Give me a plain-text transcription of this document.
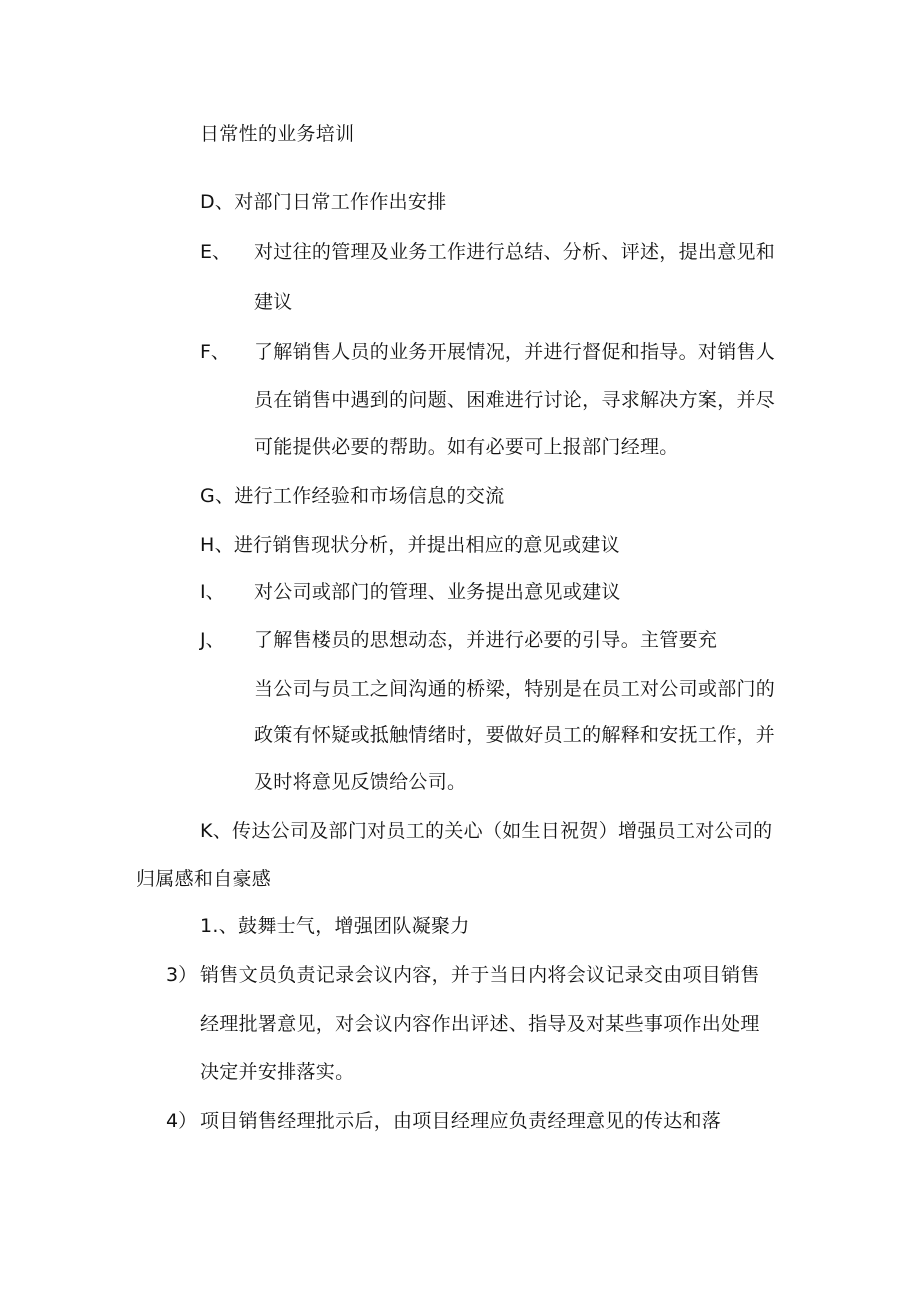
日常性的业务培训
D、对部门日常工作作出安排
E、 对过往的管理及业务工作进行总结、分析、评述，提出意见和
建议
F、 了解销售人员的业务开展情况，并进行督促和指导。对销售人
员在销售中遇到的问题、困难进行讨论，寻求解决方案，并尽
可能提供必要的帮助。如有必要可上报部门经理。
G、进行工作经验和市场信息的交流
H、进行销售现状分析，并提出相应的意见或建议
I、 对公司或部门的管理、业务提出意见或建议
J、 了解售楼员的思想动态，并进行必要的引导。主管要充
当公司与员工之间沟通的桥梁，特别是在员工对公司或部门的
政策有怀疑或抵触情绪时，要做好员工的解释和安抚工作，并
及时将意见反馈给公司。
K、传达公司及部门对员工的关心（如生日祝贺）增强员工对公司的
归属感和自豪感
1.、鼓舞士气，增强团队凝聚力
3） 销售文员负责记录会议内容，并于当日内将会议记录交由项目销售
经理批署意见，对会议内容作出评述、指导及对某些事项作出处理
决定并安排落实。
4） 项目销售经理批示后，由项目经理应负责经理意见的传达和落
